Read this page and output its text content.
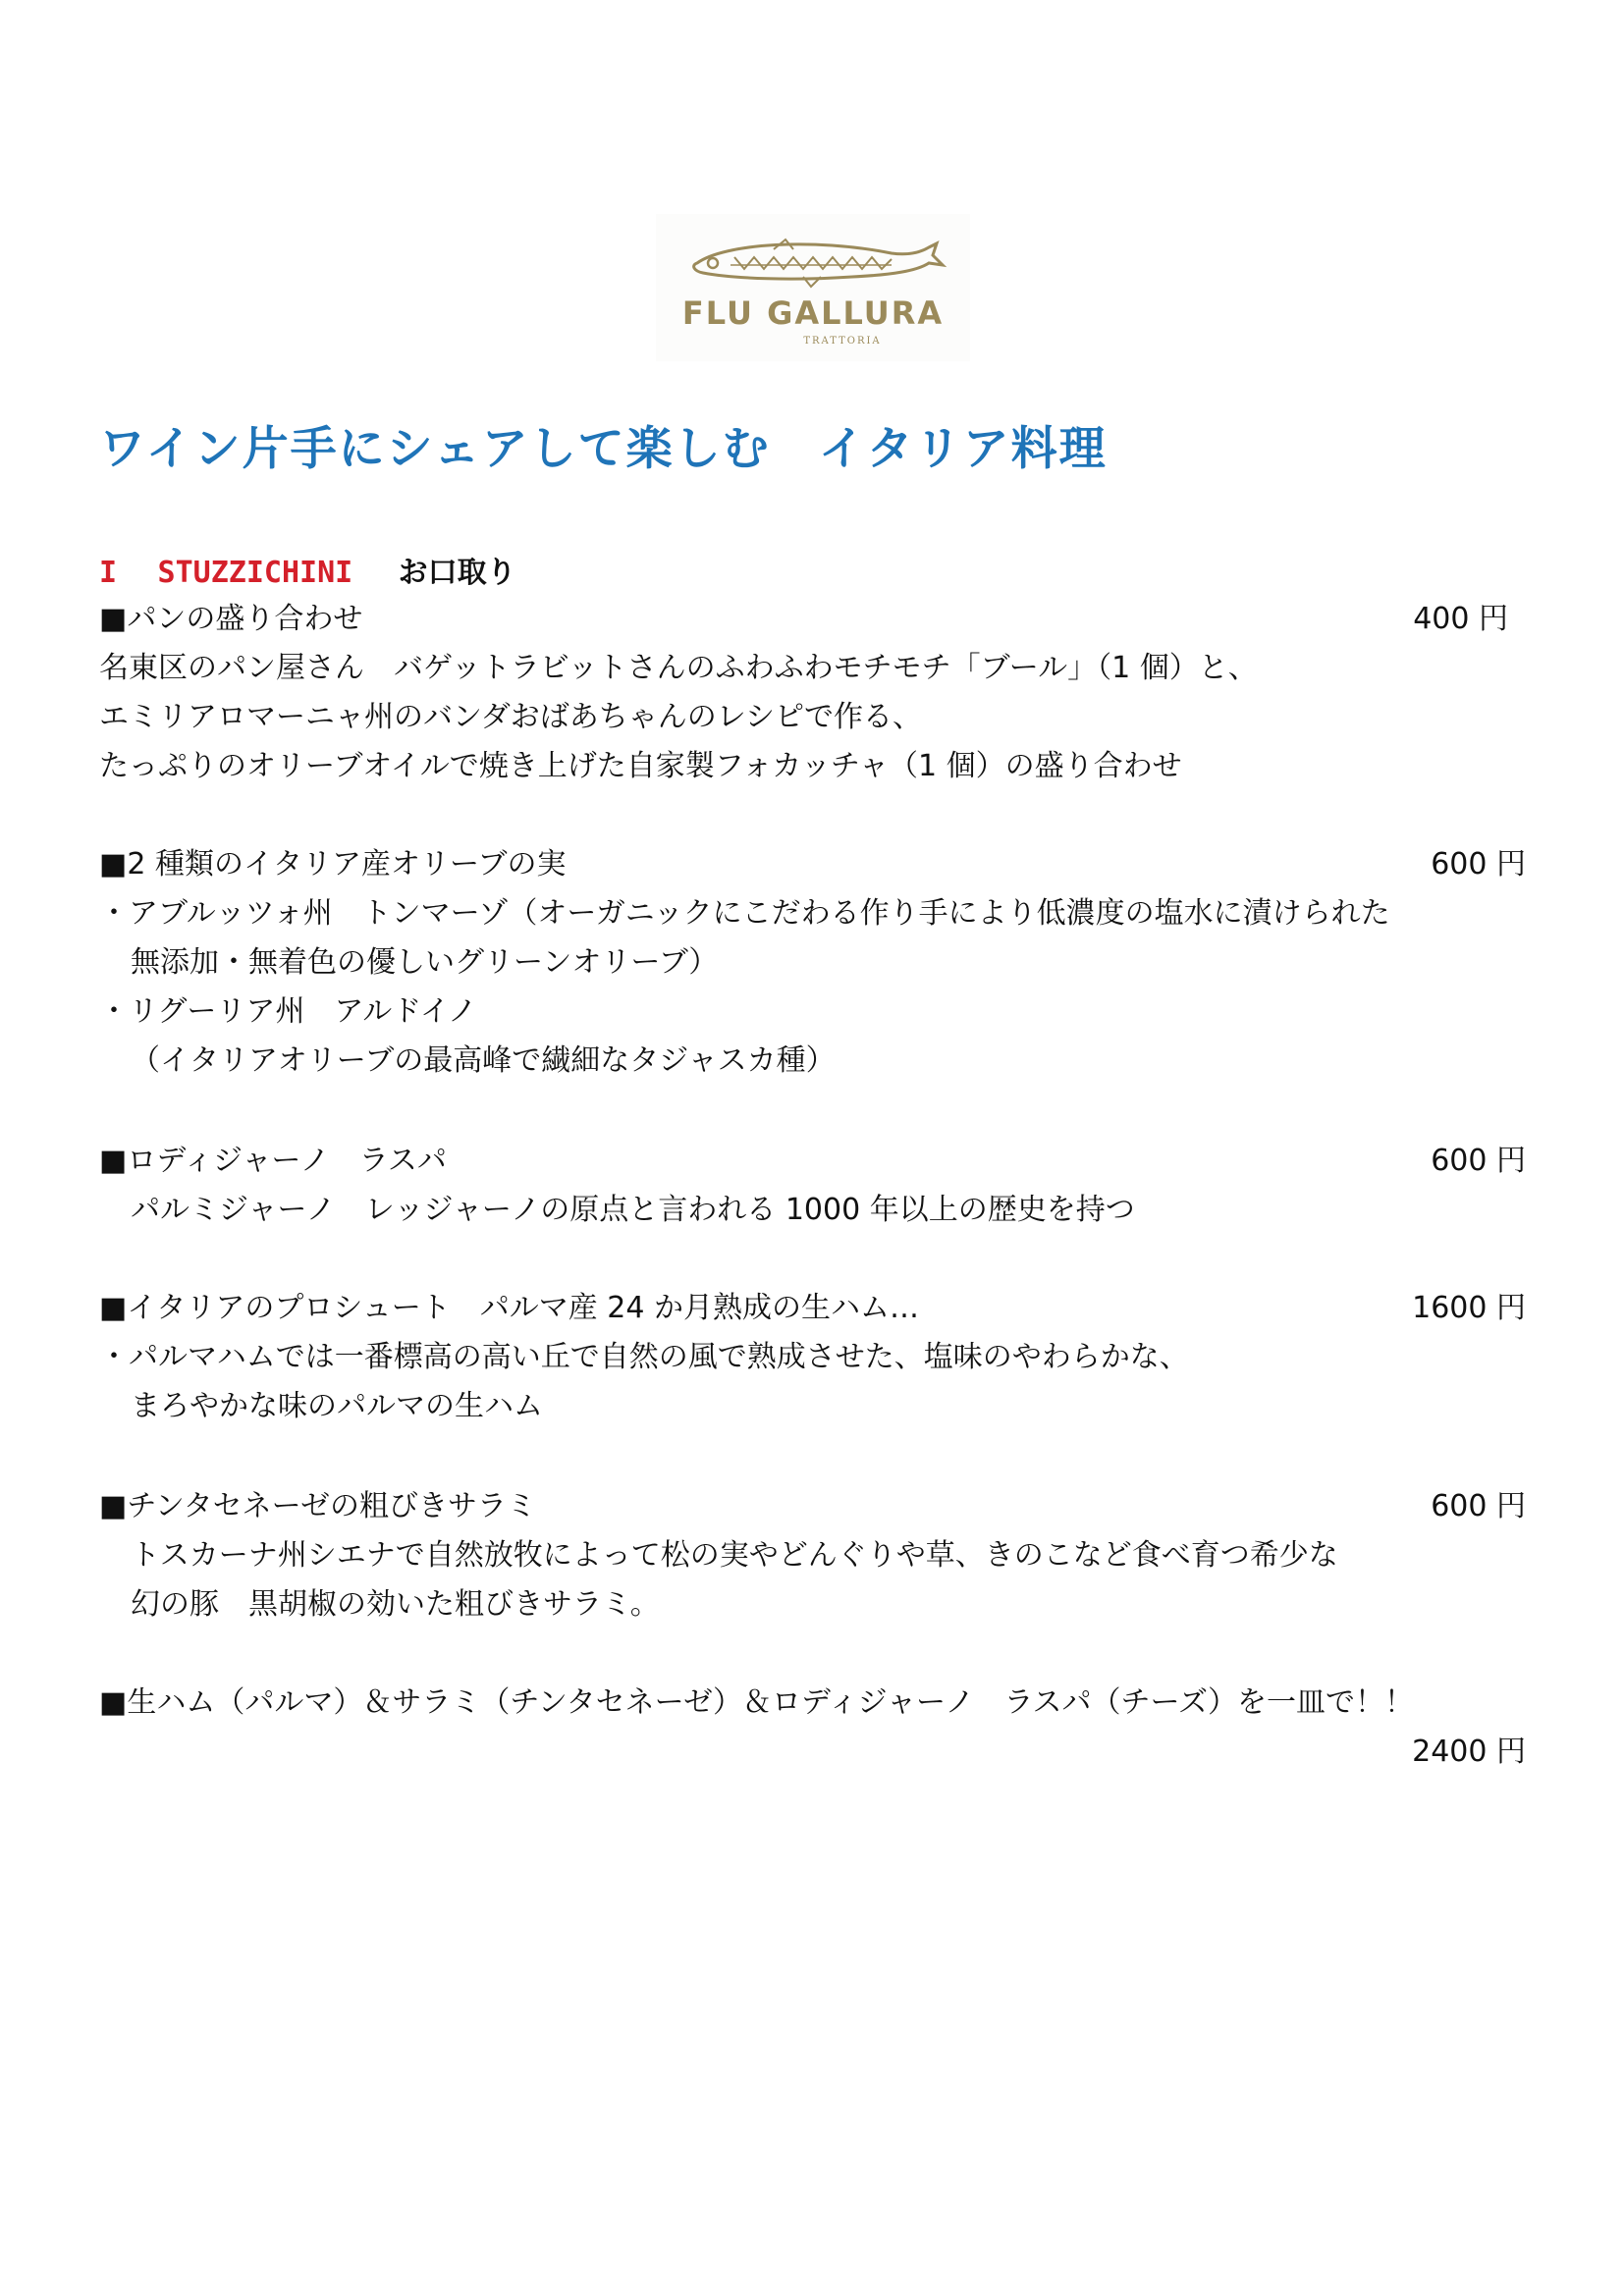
FLU GALLURA
TRATTORIA
ワイン片手にシェアして楽しむ　イタリア料理
I STUZZICHINI お口取り
■パンの盛り合わせ	400 円
名東区のパン屋さん　バゲットラビットさんのふわふわモチモチ「ブール」（1 個）と、
エミリアロマーニャ州のバンダおばあちゃんのレシピで作る、
たっぷりのオリーブオイルで焼き上げた自家製フォカッチャ（1 個）の盛り合わせ
■2 種類のイタリア産オリーブの実	600 円
・アブルッツォ州　トンマーゾ（オーガニックにこだわる作り手により低濃度の塩水に漬けられた
無添加・無着色の優しいグリーンオリーブ）
・リグーリア州　アルドイノ
（イタリアオリーブの最高峰で繊細なタジャスカ種）
■ロディジャーノ　ラスパ	600 円
パルミジャーノ　レッジャーノの原点と言われる 1000 年以上の歴史を持つ
■イタリアのプロシュート　パルマ産 24 か月熟成の生ハム…	1600 円
・パルマハムでは一番標高の高い丘で自然の風で熟成させた、塩味のやわらかな、
まろやかな味のパルマの生ハム
■チンタセネーゼの粗びきサラミ	600 円
トスカーナ州シエナで自然放牧によって松の実やどんぐりや草、きのこなど食べ育つ希少な
幻の豚　黒胡椒の効いた粗びきサラミ。
■生ハム（パルマ）＆サラミ（チンタセネーゼ）＆ロディジャーノ　ラスパ（チーズ）を一皿で！！
2400 円
